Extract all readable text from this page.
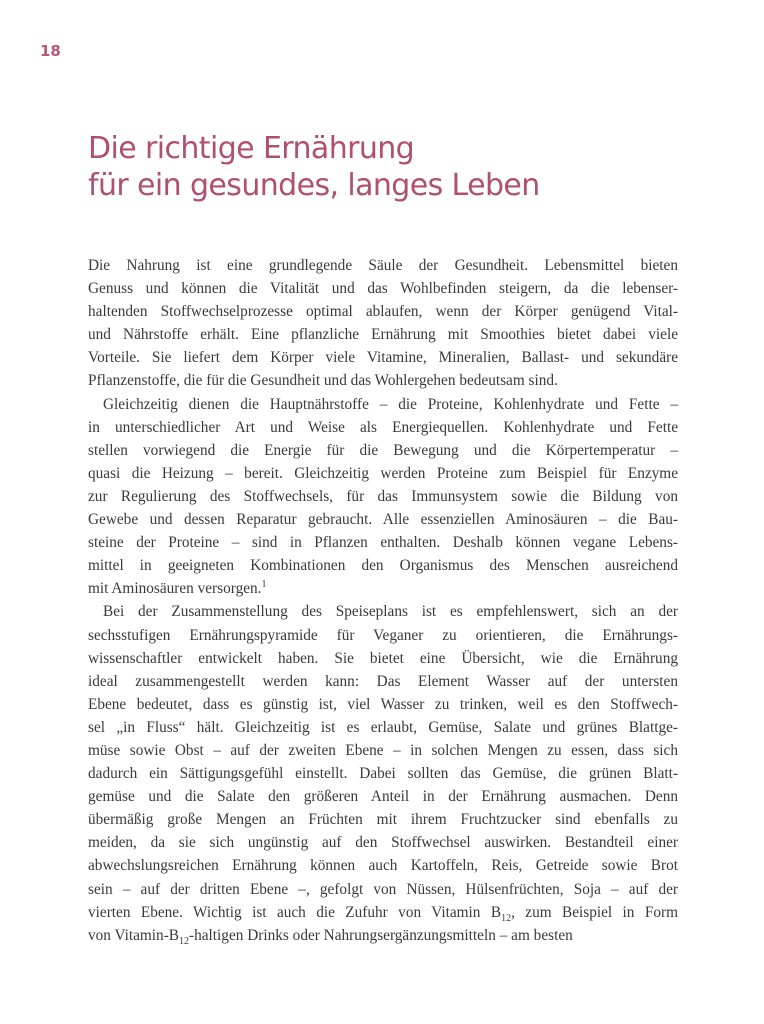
18
Die richtige Ernährung
für ein gesundes, langes Leben
Die Nahrung ist eine grundlegende Säule der Gesundheit. Lebensmittel bieten
Genuss und können die Vitalität und das Wohlbefinden steigern, da die lebenser-
haltenden Stoffwechselprozesse optimal ablaufen, wenn der Körper genügend Vital-
und Nährstoffe erhält. Eine pflanzliche Ernährung mit Smoothies bietet dabei viele
Vorteile. Sie liefert dem Körper viele Vitamine, Mineralien, Ballast- und sekundäre
Pflanzenstoffe, die für die Gesundheit und das Wohlergehen bedeutsam sind.
Gleichzeitig dienen die Hauptnährstoffe – die Proteine, Kohlenhydrate und Fette –
in unterschiedlicher Art und Weise als Energiequellen. Kohlenhydrate und Fette
stellen vorwiegend die Energie für die Bewegung und die Körpertemperatur –
quasi die Heizung – bereit. Gleichzeitig werden Proteine zum Beispiel für Enzyme
zur Regulierung des Stoffwechsels, für das Immunsystem sowie die Bildung von
Gewebe und dessen Reparatur gebraucht. Alle essenziellen Aminosäuren – die Bau-
steine der Proteine – sind in Pflanzen enthalten. Deshalb können vegane Lebens-
mittel in geeigneten Kombinationen den Organismus des Menschen ausreichend
mit Aminosäuren versorgen.$^1$
Bei der Zusammenstellung des Speiseplans ist es empfehlenswert, sich an der
sechsstufigen Ernährungspyramide für Veganer zu orientieren, die Ernährungs-
wissenschaftler entwickelt haben. Sie bietet eine Übersicht, wie die Ernährung
ideal zusammengestellt werden kann: Das Element Wasser auf der untersten
Ebene bedeutet, dass es günstig ist, viel Wasser zu trinken, weil es den Stoffwech-
sel „in Fluss“ hält. Gleichzeitig ist es erlaubt, Gemüse, Salate und grünes Blattge-
müse sowie Obst – auf der zweiten Ebene – in solchen Mengen zu essen, dass sich
dadurch ein Sättigungsgefühl einstellt. Dabei sollten das Gemüse, die grünen Blatt-
gemüse und die Salate den größeren Anteil in der Ernährung ausmachen. Denn
übermäßig große Mengen an Früchten mit ihrem Fruchtzucker sind ebenfalls zu
meiden, da sie sich ungünstig auf den Stoffwechsel auswirken. Bestandteil einer
abwechslungsreichen Ernährung können auch Kartoffeln, Reis, Getreide sowie Brot
sein – auf der dritten Ebene –, gefolgt von Nüssen, Hülsenfrüchten, Soja – auf der
vierten Ebene. Wichtig ist auch die Zufuhr von Vitamin $B_{12}$, zum Beispiel in Form
von Vitamin-$B_{12}$-haltigen Drinks oder Nahrungsergänzungsmitteln – am besten
